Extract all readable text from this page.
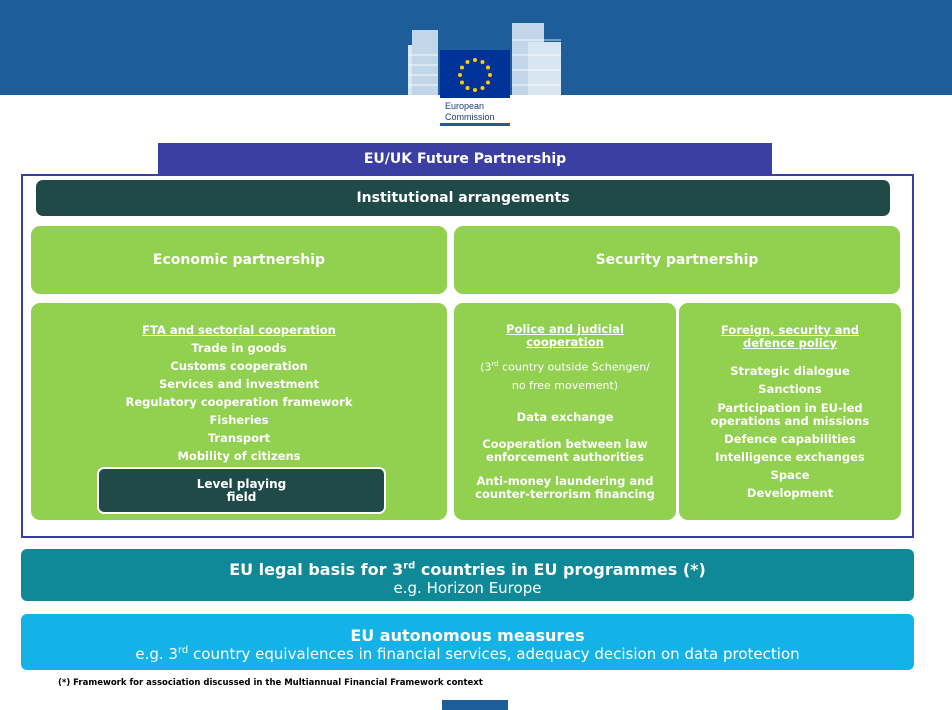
European
Commission
EU/UK Future Partnership
Institutional arrangements
Economic partnership	Security partnership
FTA and sectorial cooperation
Trade in goods
Customs cooperation
Services and investment
Regulatory cooperation framework
Fisheries
Transport
Mobility of citizens
Level playing
field
Police and judicial
cooperation
(3rd country outside Schengen/
no free movement)
Data exchange
Cooperation between law
enforcement authorities
Anti-money laundering and
counter-terrorism financing
Foreign, security and
defence policy
Strategic dialogue
Sanctions
Participation in EU-led
operations and missions
Defence capabilities
Intelligence exchanges
Space
Development
EU legal basis for 3rd countries in EU programmes (*)
e.g. Horizon Europe
EU autonomous measures
e.g. 3rd country equivalences in financial services, adequacy decision on data protection
(*) Framework for association discussed in the Multiannual Financial Framework context
